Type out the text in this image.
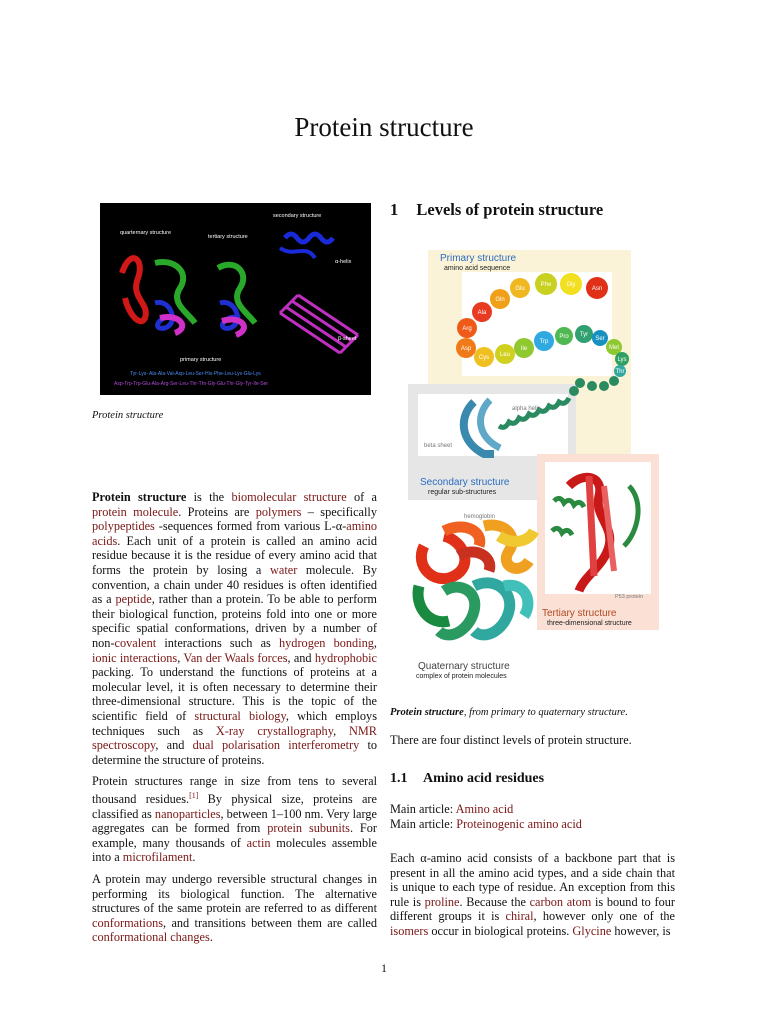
Protein structure
quarternary structure
tertiary structure
secondary structure
α-helix
β-sheet
primary structure
Tyr-Lys- Ala-Ala-Val-Asp-Leu-Ser-His-Phe-Leu-Lys-Glu-Lys
Asp-Trp-Trp-Glu-Ala-Arg-Ser-Leu-Thr-Thr-Gly-Glu-Thr-Gly-Tyr-Ile-Ser
Protein structure

Protein structure is the biomolecular structure of a protein molecule. Proteins are polymers – specifically polypeptides -sequences formed from various L-α-amino acids. Each unit of a protein is called an amino acid residue because it is the residue of every amino acid that forms the protein by losing a water molecule. By convention, a chain under 40 residues is often identified as a peptide, rather than a protein. To be able to perform their biological function, proteins fold into one or more specific spatial conformations, driven by a number of non-covalent interactions such as hydrogen bonding, ionic interactions, Van der Waals forces, and hydrophobic packing. To understand the functions of proteins at a molecular level, it is often necessary to determine their three-dimensional structure. This is the topic of the scientific field of structural biology, which employs techniques such as X-ray crystallography, NMR spectroscopy, and dual polarisation interferometry to determine the structure of proteins.

Protein structures range in size from tens to several thousand residues.[1] By physical size, proteins are classified as nanoparticles, between 1–100 nm. Very large aggregates can be formed from protein subunits. For example, many thousands of actin molecules assemble into a microfilament.

A protein may undergo reversible structural changes in performing its biological function. The alternative structures of the same protein are referred to as different conformations, and transitions between them are called conformational changes.

1 Levels of protein structure
Primary structure
amino acid sequence
Asp
Arg
Ala
Gln
Glu
Phe	Gly
Asn
Cys Leu
Ile
Trp
Pro Tyr
Ser
Met
Lys
Thr
alpha helix
beta sheet
Secondary structure
regular sub-structures
P53 protein
Tertiary structure
three-dimensional structure
hemoglobin
Quaternary structure
complex of protein molecules
Protein structure, from primary to quaternary structure.
There are four distinct levels of protein structure.
1.1 Amino acid residues
Main article: Amino acid
Main article: Proteinogenic amino acid

Each α-amino acid consists of a backbone part that is present in all the amino acid types, and a side chain that is unique to each type of residue. An exception from this rule is proline. Because the carbon atom is bound to four different groups it is chiral, however only one of the isomers occur in biological proteins. Glycine however, is

1
